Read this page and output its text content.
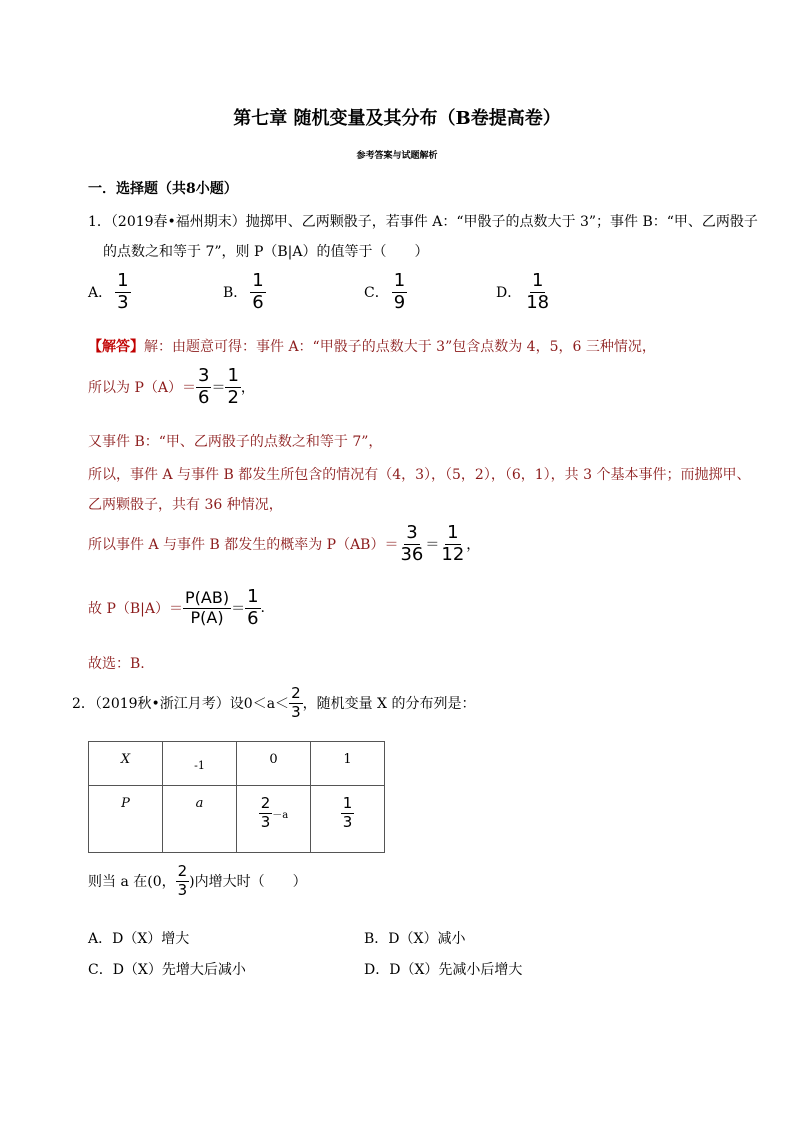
第七章 随机变量及其分布（B卷提高卷）
参考答案与试题解析
一．选择题（共8小题）
1．（2019春•福州期末）抛掷甲、乙两颗骰子，若事件 A：“甲骰子的点数大于 3”；事件 B：“甲、乙两骰子
的点数之和等于 7”，则 P（B|A）的值等于（　　）
A． $\frac{1}{3}$	B． $\frac{1}{6}$	C． $\frac{1}{9}$	D． $\frac{1}{18}$
【解答】解：由题意可得：事件 A：“甲骰子的点数大于 3”包含点数为 4，5，6 三种情况，
所以为 $P(A)= \frac{3}{6} = \frac{1}{2}$ ，
又事件 B：“甲、乙两骰子的点数之和等于 7”，
所以，事件 A 与事件 B 都发生所包含的情况有（4，3），（5，2），（6，1），共 3 个基本事件；而抛掷甲、
乙两颗骰子，共有 36 种情况，
所以事件 A 与事件 B 都发生的概率为 $P(AB)= \frac{3}{36} = \frac{1}{12}$ ，
故 $P(B|A)= \frac{P(AB)}{P(A)} = \frac{1}{6}$ .
故选：B.
2．（2019秋•浙江月考）设 $0<a< \frac{2}{3}$ ，随机变量 X 的分布列是：
X	-1	0	1
P	a	$\frac{2}{3} -a$	$\frac{1}{3}$
则当 a 在(0， $\frac{2}{3}$ )内增大时（　　）
A．D（X）增大	B．D（X）减小
C．D（X）先增大后减小	D．D（X）先减小后增大
